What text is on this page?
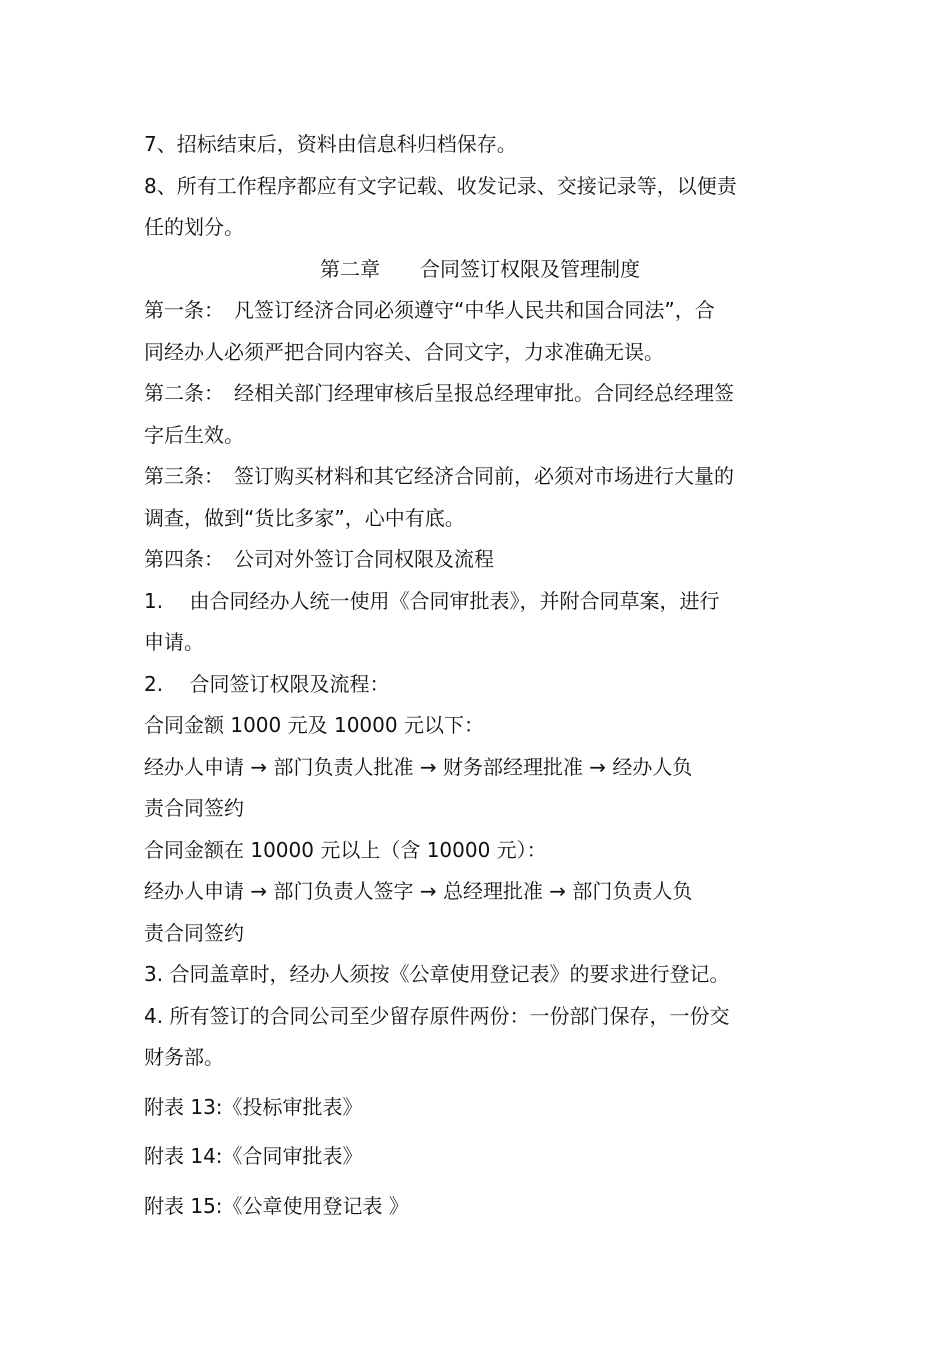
7、招标结束后，资料由信息科归档保存。
8、所有工作程序都应有文字记载、收发记录、交接记录等，以便责
任的划分。
第二章　　合同签订权限及管理制度
第一条：　凡签订经济合同必须遵守“中华人民共和国合同法”，合
同经办人必须严把合同内容关、合同文字，力求准确无误。
第二条：　经相关部门经理审核后呈报总经理审批。合同经总经理签
字后生效。
第三条：　签订购买材料和其它经济合同前，必须对市场进行大量的
调查，做到“货比多家”，心中有底。
第四条：　公司对外签订合同权限及流程
1.　 由合同经办人统一使用《合同审批表》，并附合同草案，进行
申请。
2.　 合同签订权限及流程：
合同金额 1000 元及 10000 元以下：
经办人申请 → 部门负责人批准 → 财务部经理批准 → 经办人负
责合同签约
合同金额在 10000 元以上（含 10000 元）：
经办人申请 → 部门负责人签字 → 总经理批准 → 部门负责人负
责合同签约
3. 合同盖章时，经办人须按《公章使用登记表》的要求进行登记。
4. 所有签订的合同公司至少留存原件两份：一份部门保存，一份交
财务部。
附表 13:《投标审批表》
附表 14:《合同审批表》
附表 15:《公章使用登记表 》
